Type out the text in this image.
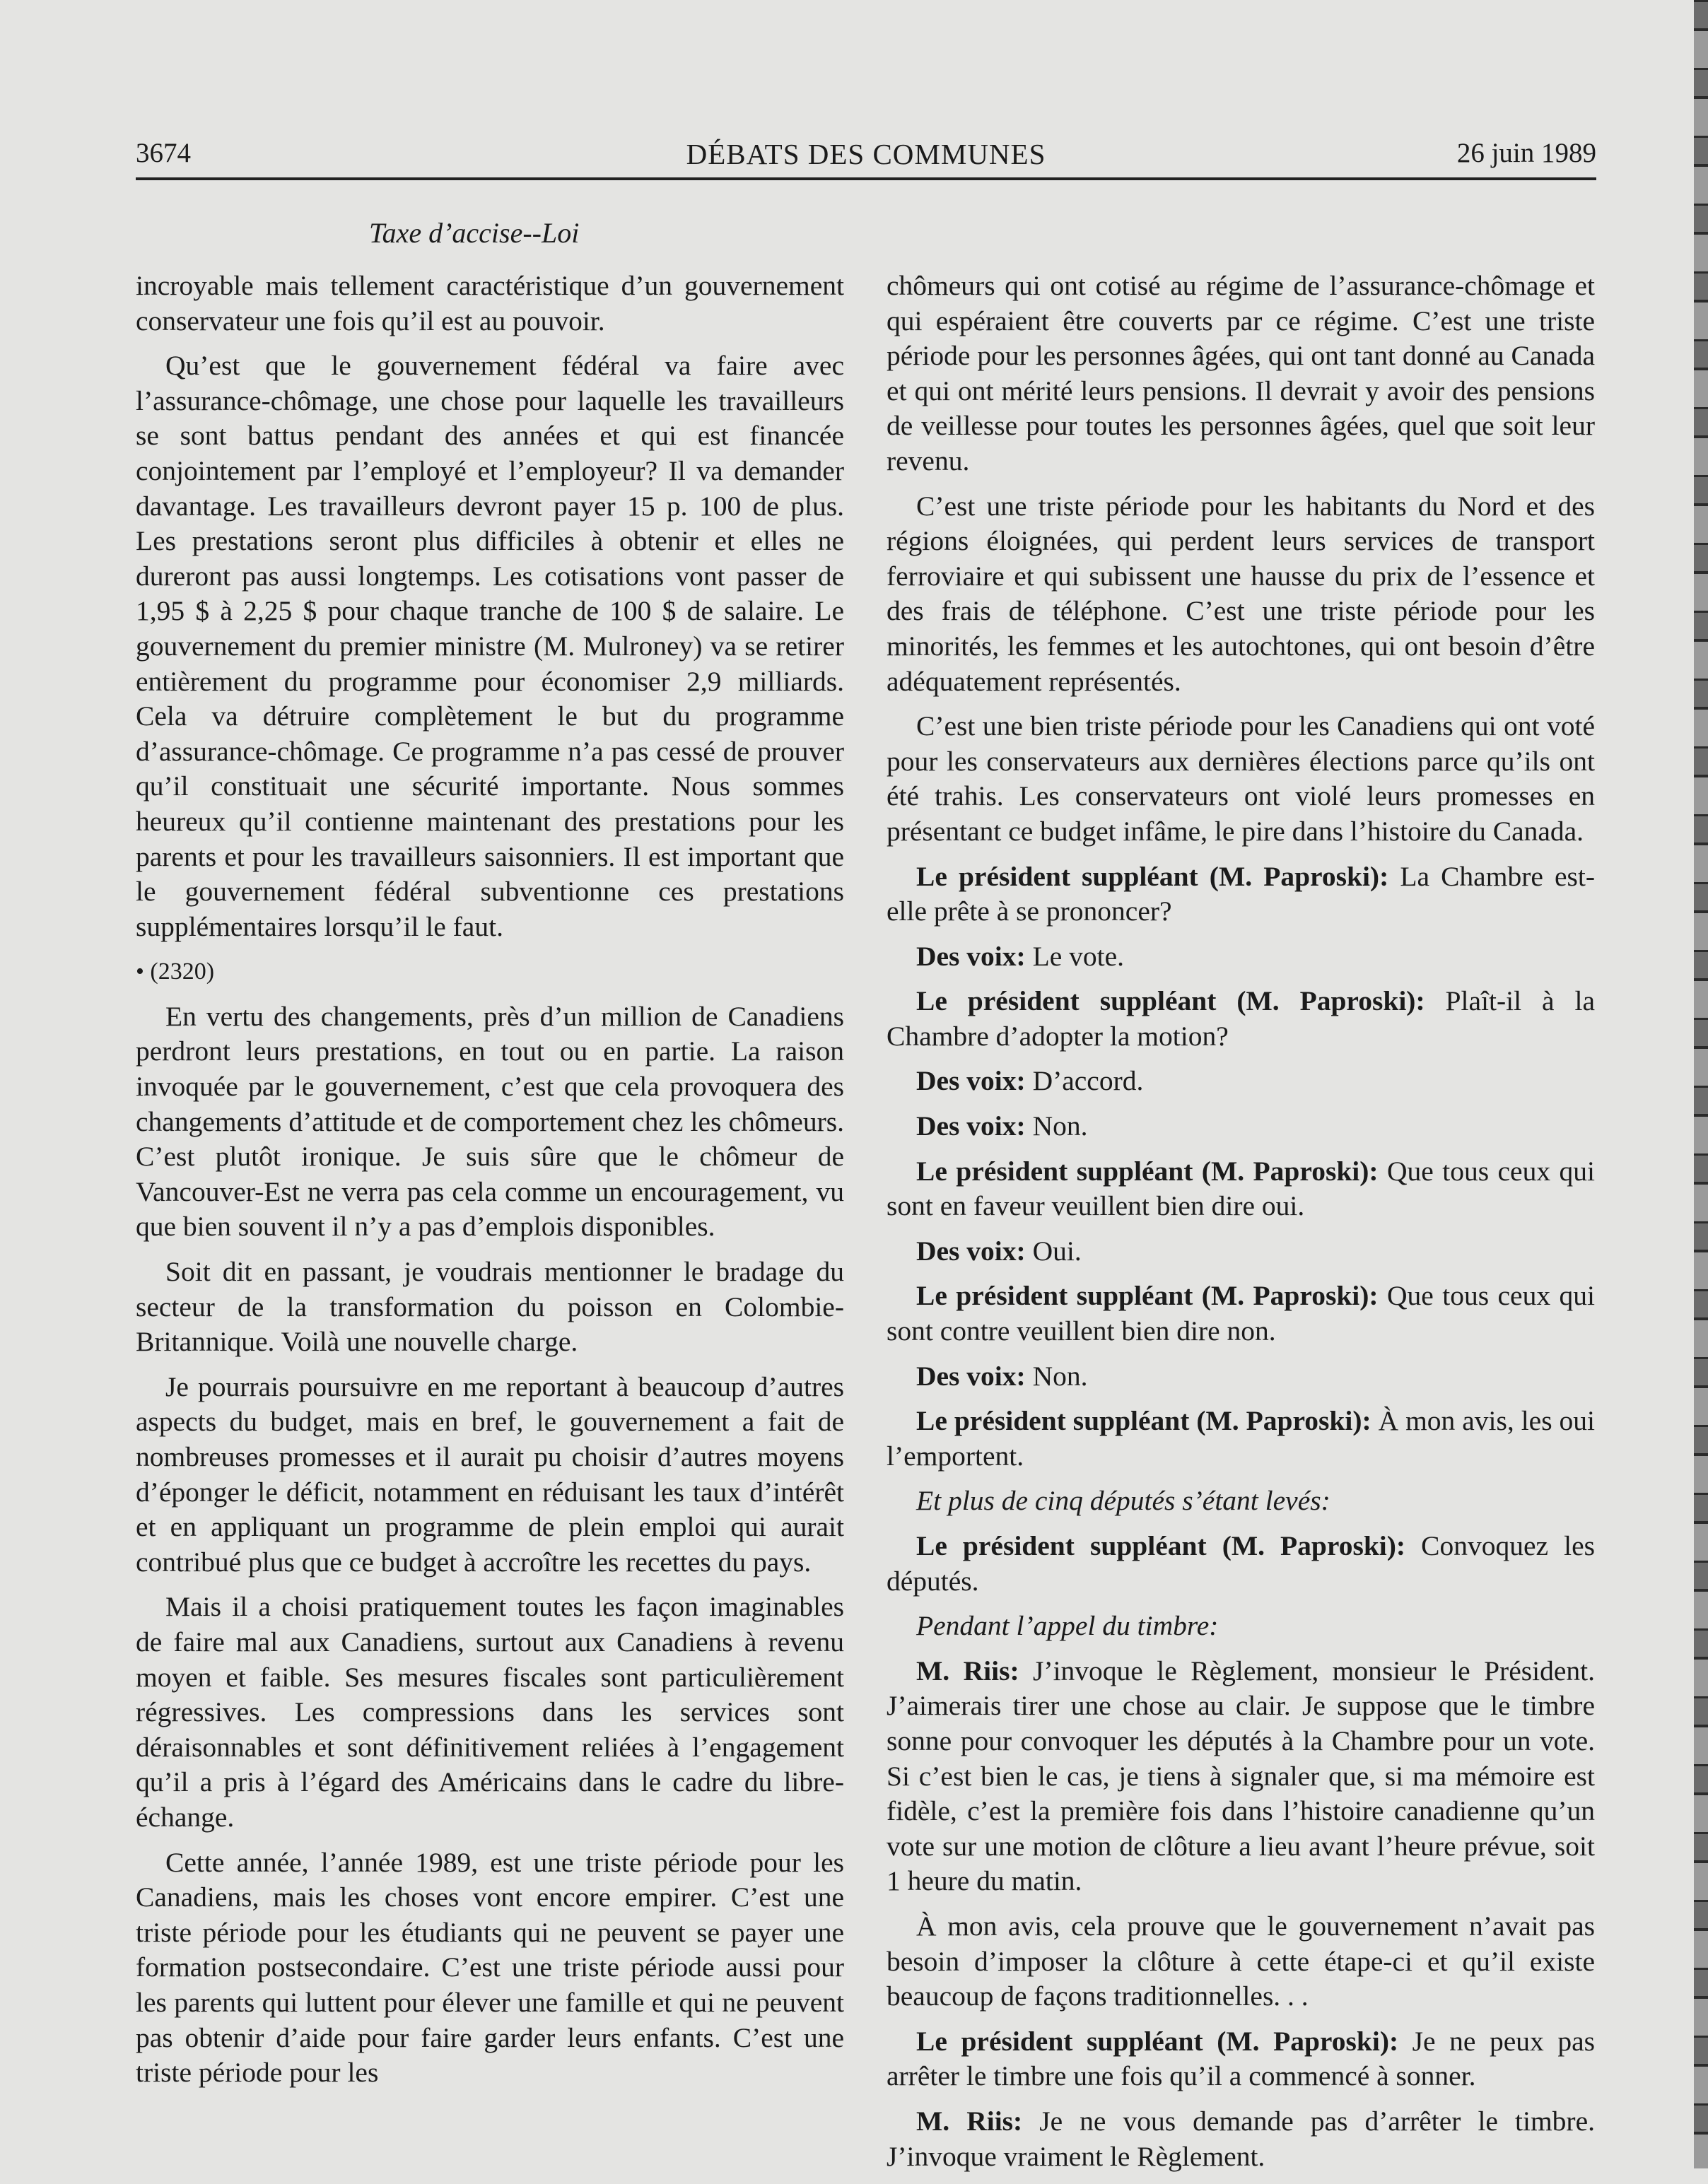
3674	DÉBATS DES COMMUNES	26 juin 1989
Taxe d’accise--Loi

incroyable mais tellement caractéristique d’un gouvernement conservateur une fois qu’il est au pouvoir.

Qu’est que le gouvernement fédéral va faire avec l’assurance-chômage, une chose pour laquelle les travailleurs se sont battus pendant des années et qui est financée conjointement par l’employé et l’employeur? Il va demander davantage. Les travailleurs devront payer 15 p. 100 de plus. Les prestations seront plus difficiles à obtenir et elles ne dureront pas aussi longtemps. Les cotisations vont passer de 1,95 $ à 2,25 $ pour chaque tranche de 100 $ de salaire. Le gouvernement du premier ministre (M. Mulroney) va se retirer entièrement du programme pour économiser 2,9 milliards. Cela va détruire complètement le but du programme d’assurance-chômage. Ce programme n’a pas cessé de prouver qu’il constituait une sécurité importante. Nous sommes heureux qu’il contienne maintenant des prestations pour les parents et pour les travailleurs saisonniers. Il est important que le gouvernement fédéral subventionne ces prestations supplémentaires lorsqu’il le faut.

• (2320)

En vertu des changements, près d’un million de Canadiens perdront leurs prestations, en tout ou en partie. La raison invoquée par le gouvernement, c’est que cela provoquera des changements d’attitude et de comportement chez les chômeurs. C’est plutôt ironique. Je suis sûre que le chômeur de Vancouver-Est ne verra pas cela comme un encouragement, vu que bien souvent il n’y a pas d’emplois disponibles.

Soit dit en passant, je voudrais mentionner le bradage du secteur de la transformation du poisson en Colombie-Britannique. Voilà une nouvelle charge.

Je pourrais poursuivre en me reportant à beaucoup d’autres aspects du budget, mais en bref, le gouvernement a fait de nombreuses promesses et il aurait pu choisir d’autres moyens d’éponger le déficit, notamment en réduisant les taux d’intérêt et en appliquant un programme de plein emploi qui aurait contribué plus que ce budget à accroître les recettes du pays.

Mais il a choisi pratiquement toutes les façon imaginables de faire mal aux Canadiens, surtout aux Canadiens à revenu moyen et faible. Ses mesures fiscales sont particulièrement régressives. Les compressions dans les services sont déraisonnables et sont définitivement reliées à l’engagement qu’il a pris à l’égard des Américains dans le cadre du libre-échange.

Cette année, l’année 1989, est une triste période pour les Canadiens, mais les choses vont encore empirer. C’est une triste période pour les étudiants qui ne peuvent se payer une formation postsecondaire. C’est une triste période aussi pour les parents qui luttent pour élever une famille et qui ne peuvent pas obtenir d’aide pour faire garder leurs enfants. C’est une triste période pour les

chômeurs qui ont cotisé au régime de l’assurance-chômage et qui espéraient être couverts par ce régime. C’est une triste période pour les personnes âgées, qui ont tant donné au Canada et qui ont mérité leurs pensions. Il devrait y avoir des pensions de veillesse pour toutes les personnes âgées, quel que soit leur revenu.

C’est une triste période pour les habitants du Nord et des régions éloignées, qui perdent leurs services de transport ferroviaire et qui subissent une hausse du prix de l’essence et des frais de téléphone. C’est une triste période pour les minorités, les femmes et les autochtones, qui ont besoin d’être adéquatement représentés.

C’est une bien triste période pour les Canadiens qui ont voté pour les conservateurs aux dernières élections parce qu’ils ont été trahis. Les conservateurs ont violé leurs promesses en présentant ce budget infâme, le pire dans l’histoire du Canada.

Le président suppléant (M. Paproski): La Chambre est-elle prête à se prononcer?

Des voix: Le vote.

Le président suppléant (M. Paproski): Plaît-il à la Chambre d’adopter la motion?

Des voix: D’accord.

Des voix: Non.

Le président suppléant (M. Paproski): Que tous ceux qui sont en faveur veuillent bien dire oui.

Des voix: Oui.

Le président suppléant (M. Paproski): Que tous ceux qui sont contre veuillent bien dire non.

Des voix: Non.

Le président suppléant (M. Paproski): À mon avis, les oui l’emportent.

Et plus de cinq députés s’étant levés:

Le président suppléant (M. Paproski): Convoquez les députés.

Pendant l’appel du timbre:

M. Riis: J’invoque le Règlement, monsieur le Président. J’aimerais tirer une chose au clair. Je suppose que le timbre sonne pour convoquer les députés à la Chambre pour un vote. Si c’est bien le cas, je tiens à signaler que, si ma mémoire est fidèle, c’est la première fois dans l’histoire canadienne qu’un vote sur une motion de clôture a lieu avant l’heure prévue, soit 1 heure du matin.

À mon avis, cela prouve que le gouvernement n’avait pas besoin d’imposer la clôture à cette étape-ci et qu’il existe beaucoup de façons traditionnelles. . .

Le président suppléant (M. Paproski): Je ne peux pas arrêter le timbre une fois qu’il a commencé à sonner.

M. Riis: Je ne vous demande pas d’arrêter le timbre. J’invoque vraiment le Règlement.
